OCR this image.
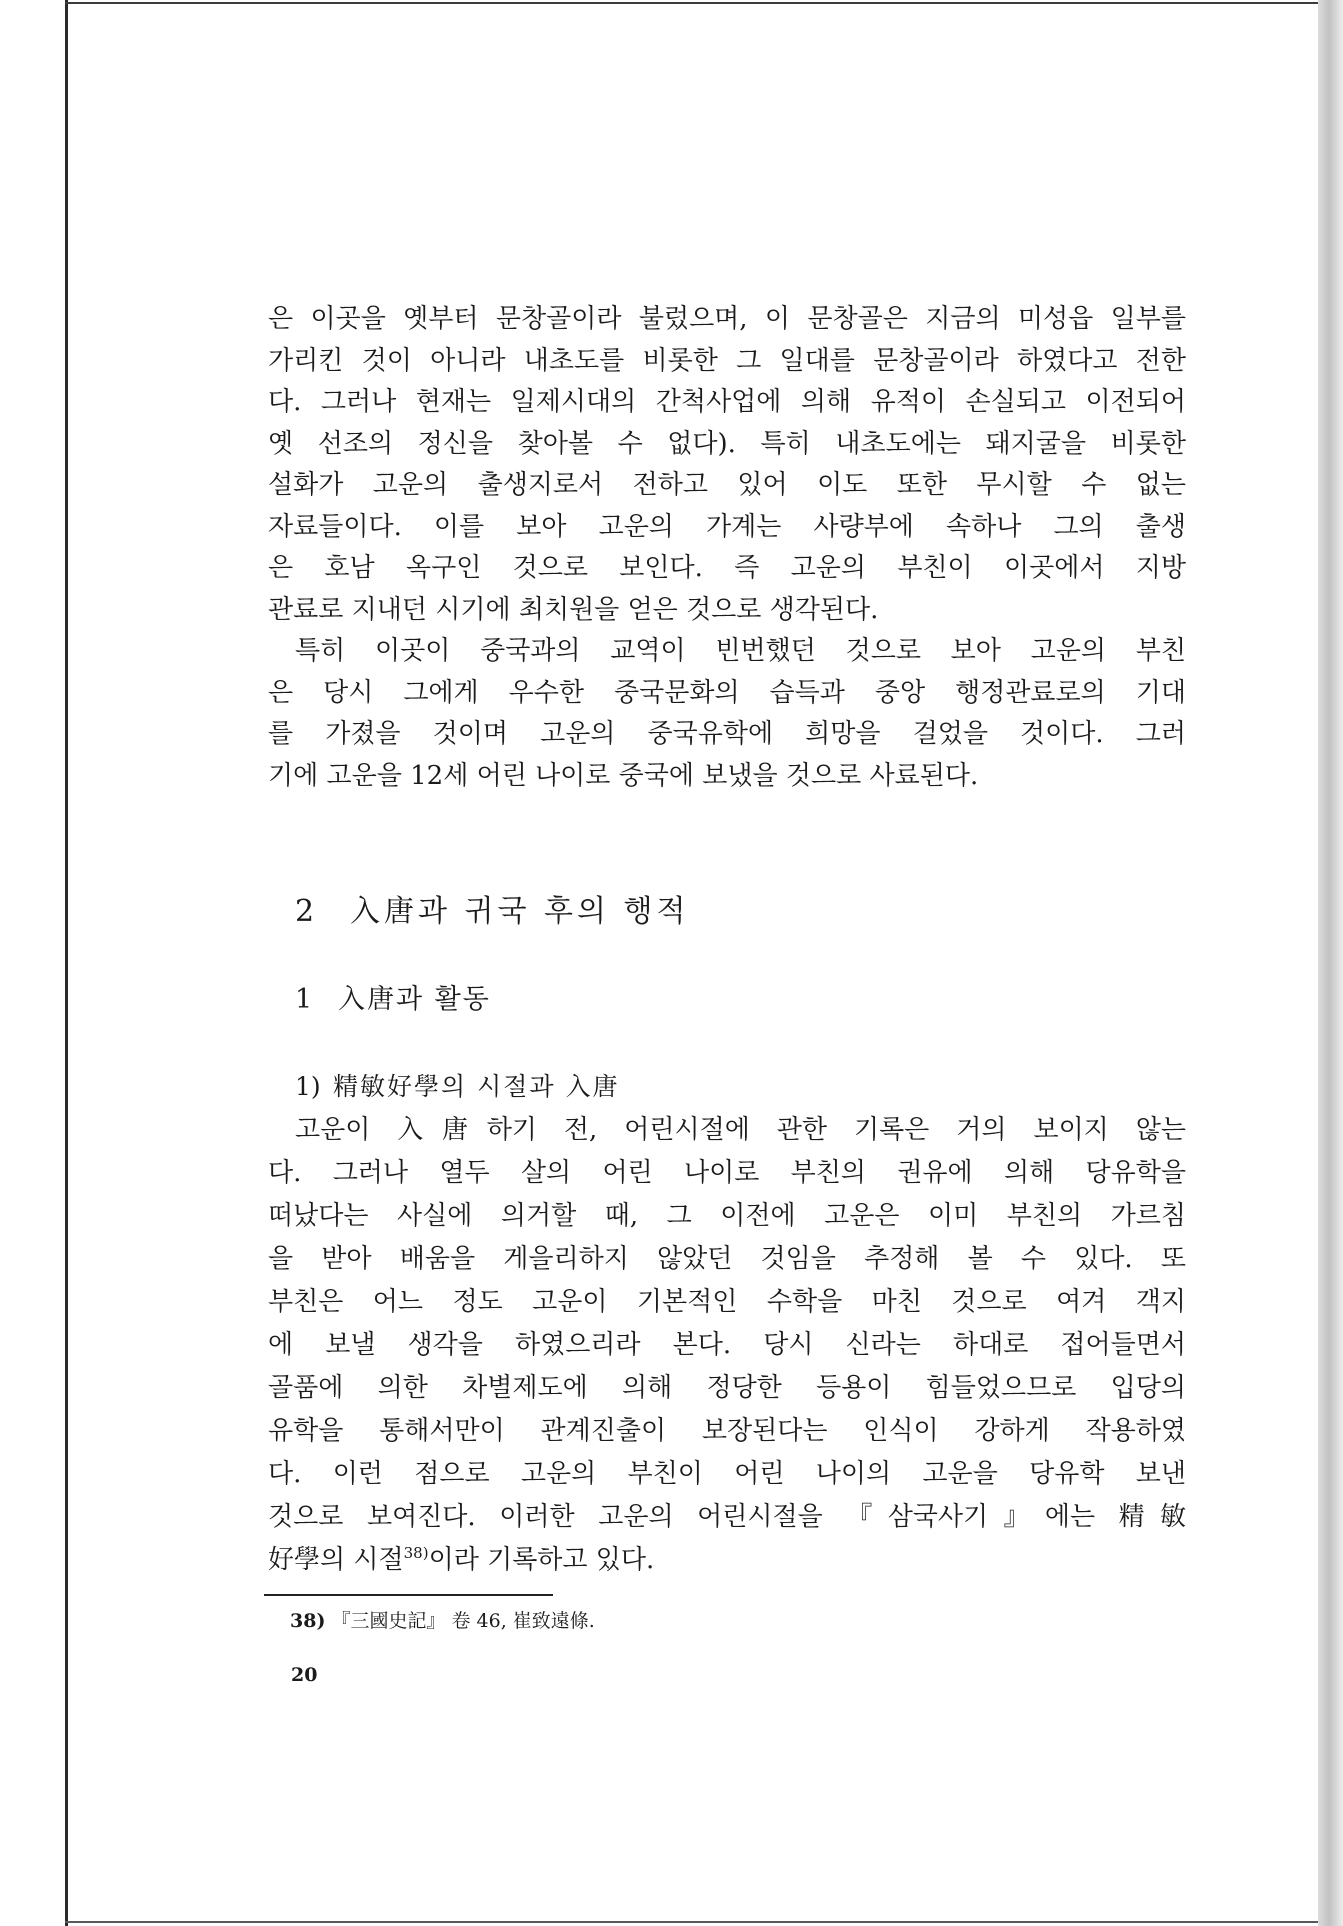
은 이곳을 옛부터 문창골이라 불렀으며, 이 문창골은 지금의 미성읍 일부를
가리킨 것이 아니라 내초도를 비롯한 그 일대를 문창골이라 하였다고 전한
다. 그러나 현재는 일제시대의 간척사업에 의해 유적이 손실되고 이전되어
옛 선조의 정신을 찾아볼 수 없다). 특히 내초도에는 돼지굴을 비롯한
설화가 고운의 출생지로서 전하고 있어 이도 또한 무시할 수 없는
자료들이다. 이를 보아 고운의 가계는 사량부에 속하나 그의 출생
은 호남 옥구인 것으로 보인다. 즉 고운의 부친이 이곳에서 지방
관료로 지내던 시기에 최치원을 얻은 것으로 생각된다.
특히 이곳이 중국과의 교역이 빈번했던 것으로 보아 고운의 부친
은 당시 그에게 우수한 중국문화의 습득과 중앙 행정관료로의 기대
를 가졌을 것이며 고운의 중국유학에 희망을 걸었을 것이다. 그러
기에 고운을 12세 어린 나이로 중국에 보냈을 것으로 사료된다.
2 入唐과 귀국 후의 행적
1 入唐과 활동
1) 精敏好學의 시절과 入唐
고운이 入唐하기 전, 어린시절에 관한 기록은 거의 보이지 않는
다. 그러나 열두 살의 어린 나이로 부친의 권유에 의해 당유학을
떠났다는 사실에 의거할 때, 그 이전에 고운은 이미 부친의 가르침
을 받아 배움을 게을리하지 않았던 것임을 추정해 볼 수 있다. 또
부친은 어느 정도 고운이 기본적인 수학을 마친 것으로 여겨 객지
에 보낼 생각을 하였으리라 본다. 당시 신라는 하대로 접어들면서
골품에 의한 차별제도에 의해 정당한 등용이 힘들었으므로 입당의
유학을 통해서만이 관계진출이 보장된다는 인식이 강하게 작용하였
다. 이런 점으로 고운의 부친이 어린 나이의 고운을 당유학 보낸
것으로 보여진다. 이러한 고운의 어린시절을 『삼국사기』에는 精敏
好學의 시절$^{38)}$이라 기록하고 있다.
38) 『三國史記』 卷 46, 崔致遠條.
20
